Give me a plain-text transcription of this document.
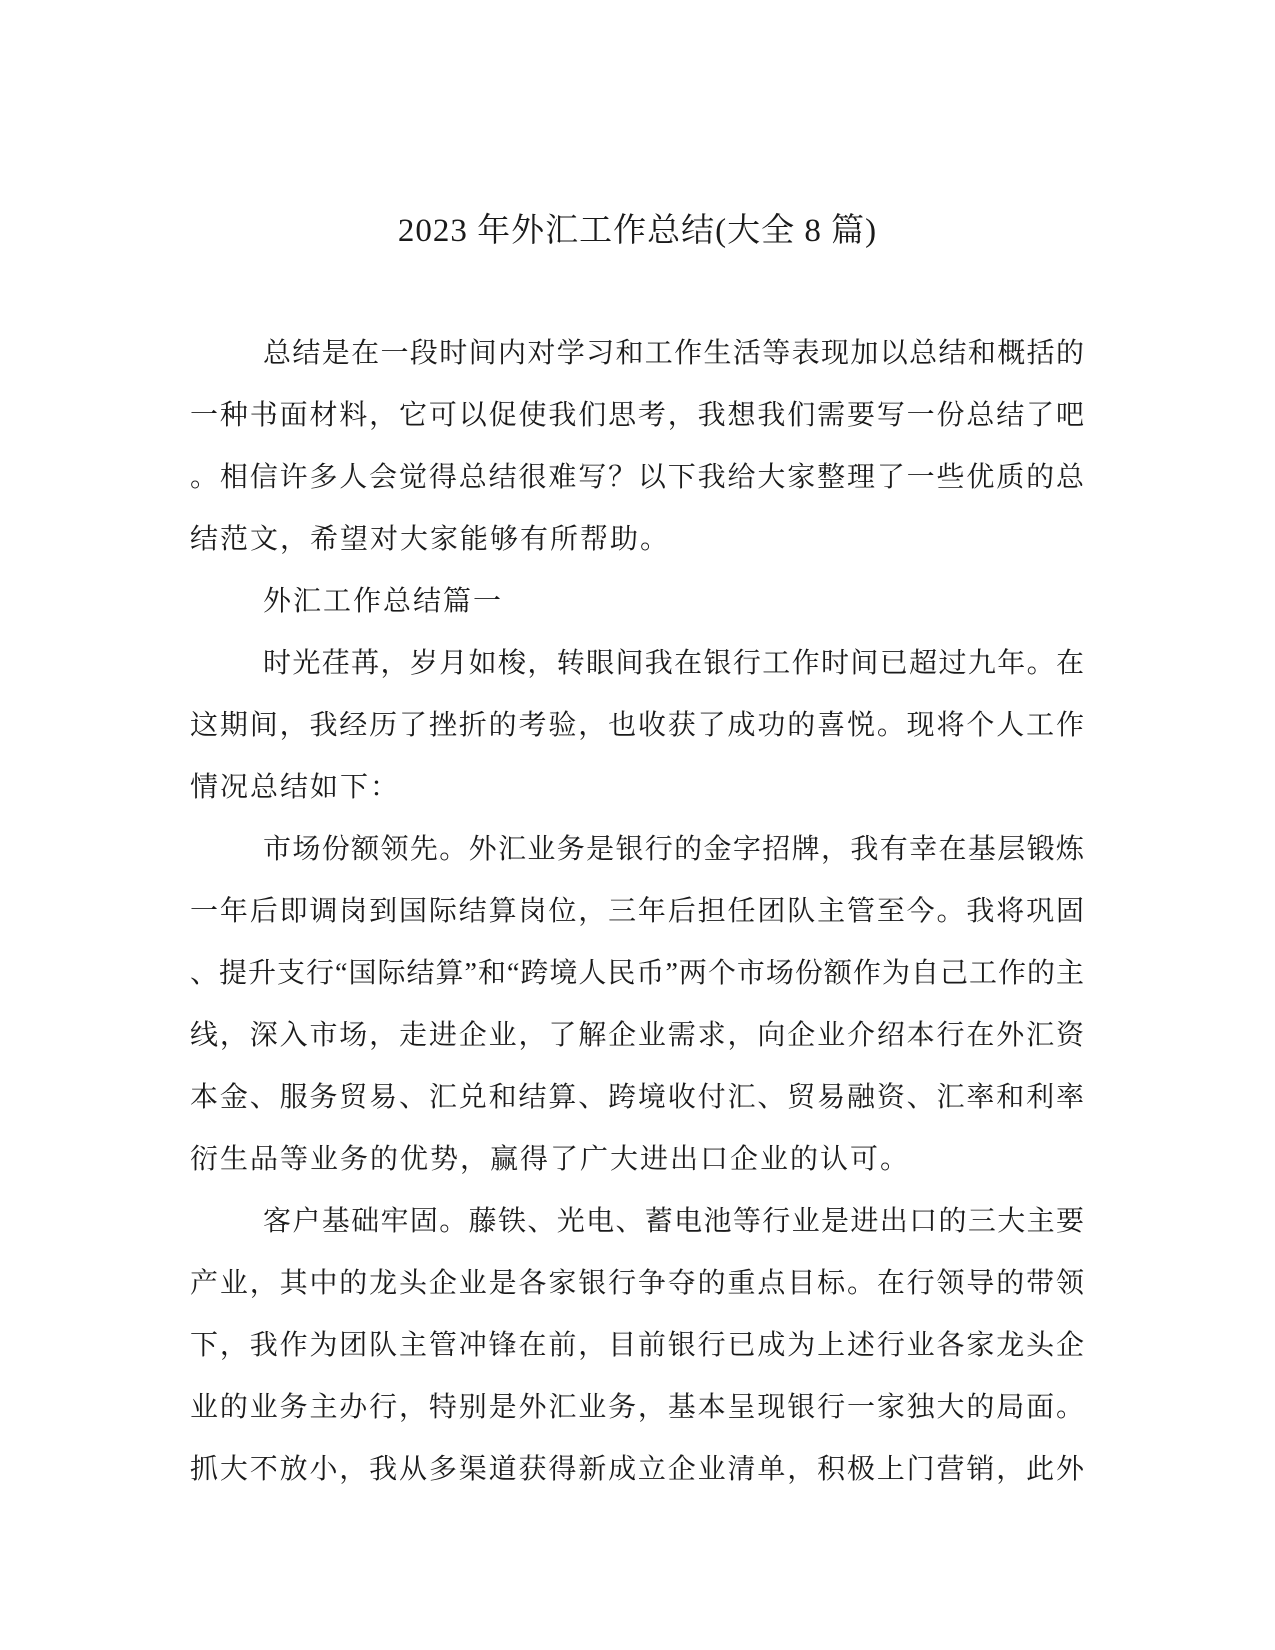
2023 年外汇工作总结(大全 8 篇)
总结是在一段时间内对学习和工作生活等表现加以总结和概括的
一种书面材料，它可以促使我们思考，我想我们需要写一份总结了吧
。相信许多人会觉得总结很难写？以下我给大家整理了一些优质的总
结范文，希望对大家能够有所帮助。
外汇工作总结篇一
时光荏苒，岁月如梭，转眼间我在银行工作时间已超过九年。在
这期间，我经历了挫折的考验，也收获了成功的喜悦。现将个人工作
情况总结如下：
市场份额领先。外汇业务是银行的金字招牌，我有幸在基层锻炼
一年后即调岗到国际结算岗位，三年后担任团队主管至今。我将巩固
、提升支行“国际结算”和“跨境人民币”两个市场份额作为自己工作的主
线，深入市场，走进企业，了解企业需求，向企业介绍本行在外汇资
本金、服务贸易、汇兑和结算、跨境收付汇、贸易融资、汇率和利率
衍生品等业务的优势，赢得了广大进出口企业的认可。
客户基础牢固。藤铁、光电、蓄电池等行业是进出口的三大主要
产业，其中的龙头企业是各家银行争夺的重点目标。在行领导的带领
下，我作为团队主管冲锋在前，目前银行已成为上述行业各家龙头企
业的业务主办行，特别是外汇业务，基本呈现银行一家独大的局面。
抓大不放小，我从多渠道获得新成立企业清单，积极上门营销，此外
